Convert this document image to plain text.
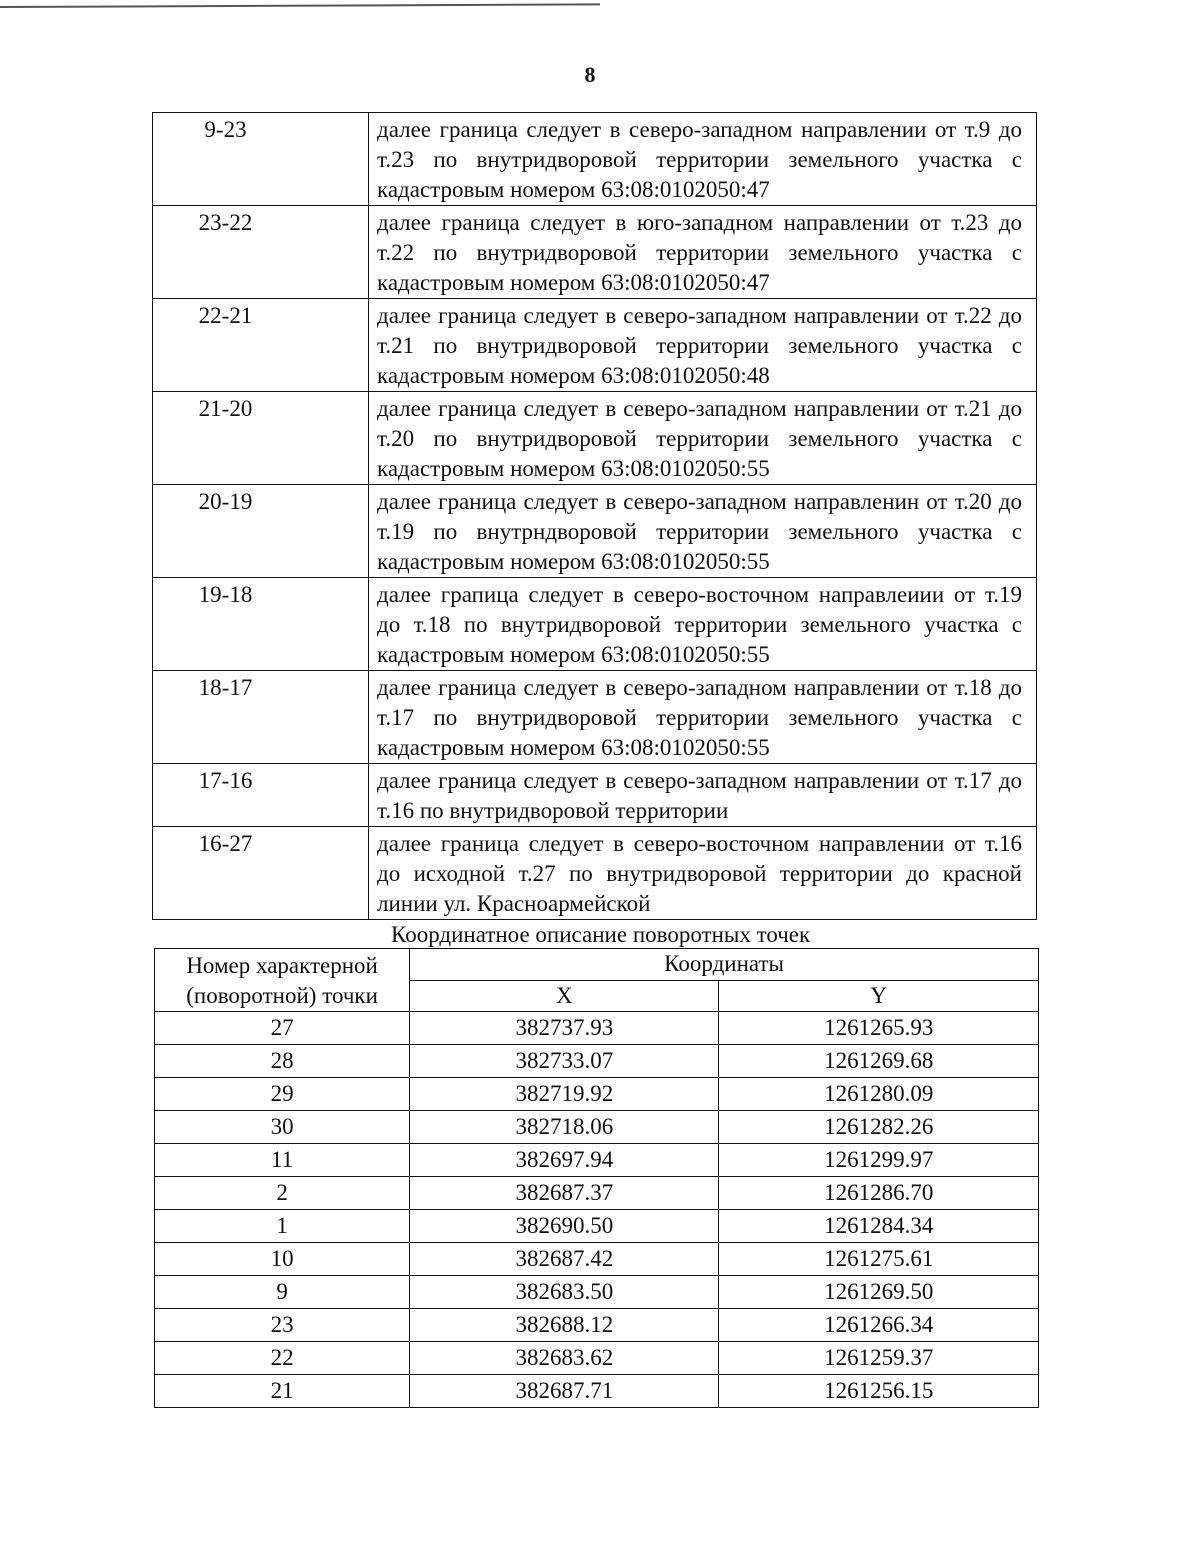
8
9-23	далее граница следует в северо-западном направлении от т.9 до т.23 по внутридворовой территории земельного участка с кадастровым номером 63:08:0102050:47
23-22	далее граница следует в юго-западном направлении от т.23 до т.22 по внутридворовой территории земельного участка с кадастровым номером 63:08:0102050:47
22-21	далее граница следует в северо-западном направлении от т.22 до т.21 по внутридворовой территории земельного участка с кадастровым номером 63:08:0102050:48
21-20	далее граница следует в северо-западном направлении от т.21 до т.20 по внутридворовой территории земельного участка с кадастровым номером 63:08:0102050:55
20-19	далее граница следует в северо-западном направленин от т.20 до т.19 по внутрндворовой территории земельного участка с кадастровым номером 63:08:0102050:55
19-18	далее грапица следует в северо-восточном направлеиии от т.19 до т.18 по внутридворовой территории земельного участка с кадастровым номером 63:08:0102050:55
18-17	далее граница следует в северо-западном направлении от т.18 до т.17 по внутридворовой территории земельного участка с кадастровым номером 63:08:0102050:55
17-16	далее граница следует в северо-западном направлении от т.17 до т.16 по внутридворовой территории
16-27	далее граница следует в северо-восточном направлении от т.16 до исходной т.27 по внутридворовой территории до красной линии ул. Красноармейской
Координатное описание поворотных точек
Номер характерной (поворотной) точки	Координаты	
	X	Y
27	382737.93	1261265.93
28	382733.07	1261269.68
29	382719.92	1261280.09
30	382718.06	1261282.26
11	382697.94	1261299.97
2	382687.37	1261286.70
1	382690.50	1261284.34
10	382687.42	1261275.61
9	382683.50	1261269.50
23	382688.12	1261266.34
22	382683.62	1261259.37
21	382687.71	1261256.15
